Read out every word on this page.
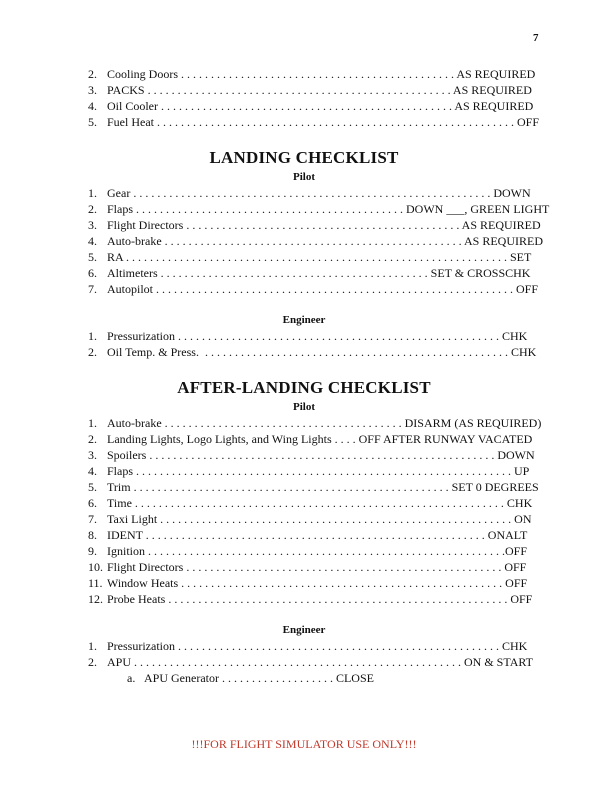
7
2. Cooling Doors . . . . . . . . . . . . . . . . . . . . . . . . . . . . . . . . . . . . . . . . . . . . . . AS REQUIRED
3. PACKS . . . . . . . . . . . . . . . . . . . . . . . . . . . . . . . . . . . . . . . . . . . . . . . . . . . AS REQUIRED
4. Oil Cooler . . . . . . . . . . . . . . . . . . . . . . . . . . . . . . . . . . . . . . . . . . . . . . . . . AS REQUIRED
5. Fuel Heat . . . . . . . . . . . . . . . . . . . . . . . . . . . . . . . . . . . . . . . . . . . . . . . . . . . . . . . . . . . . OFF
LANDING CHECKLIST
Pilot
1. Gear . . . . . . . . . . . . . . . . . . . . . . . . . . . . . . . . . . . . . . . . . . . . . . . . . . . . . . . . . . . . DOWN
2. Flaps . . . . . . . . . . . . . . . . . . . . . . . . . . . . . . . . . . . . . . . . . . . . . DOWN ___, GREEN LIGHT
3. Flight Directors . . . . . . . . . . . . . . . . . . . . . . . . . . . . . . . . . . . . . . . . . . . . . . AS REQUIRED
4. Auto-brake . . . . . . . . . . . . . . . . . . . . . . . . . . . . . . . . . . . . . . . . . . . . . . . . . . AS REQUIRED
5. RA . . . . . . . . . . . . . . . . . . . . . . . . . . . . . . . . . . . . . . . . . . . . . . . . . . . . . . . . . . . . . . . . SET
6. Altimeters . . . . . . . . . . . . . . . . . . . . . . . . . . . . . . . . . . . . . . . . . . . . . SET & CROSSCHK
7. Autopilot . . . . . . . . . . . . . . . . . . . . . . . . . . . . . . . . . . . . . . . . . . . . . . . . . . . . . . . . . . . . OFF
Engineer
1. Pressurization . . . . . . . . . . . . . . . . . . . . . . . . . . . . . . . . . . . . . . . . . . . . . . . . . . . . . . CHK
2. Oil Temp. & Press.  . . . . . . . . . . . . . . . . . . . . . . . . . . . . . . . . . . . . . . . . . . . . . . . . . . . CHK
AFTER-LANDING CHECKLIST
Pilot
1. Auto-brake . . . . . . . . . . . . . . . . . . . . . . . . . . . . . . . . . . . . . . . . DISARM (AS REQUIRED)
2. Landing Lights, Logo Lights, and Wing Lights . . . . OFF AFTER RUNWAY VACATED
3. Spoilers . . . . . . . . . . . . . . . . . . . . . . . . . . . . . . . . . . . . . . . . . . . . . . . . . . . . . . . . . . DOWN
4. Flaps . . . . . . . . . . . . . . . . . . . . . . . . . . . . . . . . . . . . . . . . . . . . . . . . . . . . . . . . . . . . . . . UP
5. Trim . . . . . . . . . . . . . . . . . . . . . . . . . . . . . . . . . . . . . . . . . . . . . . . . . . . . . SET 0 DEGREES
6. Time . . . . . . . . . . . . . . . . . . . . . . . . . . . . . . . . . . . . . . . . . . . . . . . . . . . . . . . . . . . . . . CHK
7. Taxi Light . . . . . . . . . . . . . . . . . . . . . . . . . . . . . . . . . . . . . . . . . . . . . . . . . . . . . . . . . . . ON
8. IDENT . . . . . . . . . . . . . . . . . . . . . . . . . . . . . . . . . . . . . . . . . . . . . . . . . . . . . . . . . ONALT
9. Ignition . . . . . . . . . . . . . . . . . . . . . . . . . . . . . . . . . . . . . . . . . . . . . . . . . . . . . . . . . . . .OFF
10. Flight Directors . . . . . . . . . . . . . . . . . . . . . . . . . . . . . . . . . . . . . . . . . . . . . . . . . . . . . OFF
11. Window Heats . . . . . . . . . . . . . . . . . . . . . . . . . . . . . . . . . . . . . . . . . . . . . . . . . . . . . . OFF
12. Probe Heats . . . . . . . . . . . . . . . . . . . . . . . . . . . . . . . . . . . . . . . . . . . . . . . . . . . . . . . . . OFF
Engineer
1. Pressurization . . . . . . . . . . . . . . . . . . . . . . . . . . . . . . . . . . . . . . . . . . . . . . . . . . . . . . CHK
2. APU . . . . . . . . . . . . . . . . . . . . . . . . . . . . . . . . . . . . . . . . . . . . . . . . . . . . . . . ON & START
a. APU Generator . . . . . . . . . . . . . . . . . . . CLOSE
!!!FOR FLIGHT SIMULATOR USE ONLY!!!
